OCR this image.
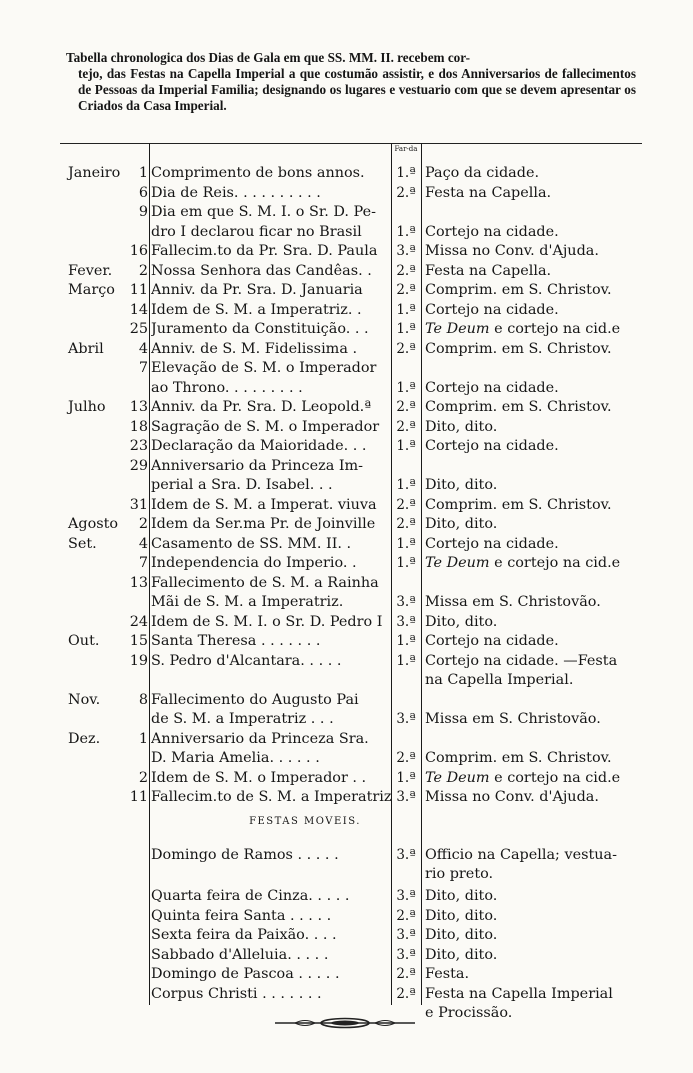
Tabella chronologica dos Dias de Gala em que SS. MM. II. recebem cor-
tejo, das Festas na Capella Imperial a que costumão assistir, e dos Anniversarios de fallecimentos de Pessoas da Imperial Familia; designando os lugares e vestuario com que se devem apresentar os Criados da Casa Imperial.
Far-da
Janeiro	1 Comprimento de bons annos.	1.ª Paço da cidade.
6 Dia de Reis. . . . . . . . . .	2.ª Festa na Capella.
9 Dia em que S. M. I. o Sr. D. Pe-
dro I declarou ficar no Brasil	1.ª Cortejo na cidade.
16 Fallecim.to da Pr. Sra. D. Paula	3.ª Missa no Conv. d'Ajuda.
Fever.	2 Nossa Senhora das Candêas. .	2.ª Festa na Capella.
Março	11 Anniv. da Pr. Sra. D. Januaria	2.ª Comprim. em S. Christov.
14 Idem de S. M. a Imperatriz. .	1.ª Cortejo na cidade.
25 Juramento da Constituição. . .	1.ª Te Deum e cortejo na cid.e
Abril	4 Anniv. de S. M. Fidelissima .	2.ª Comprim. em S. Christov.
7 Elevação de S. M. o Imperador
ao Throno. . . . . . . . .	1.ª Cortejo na cidade.
Julho	13 Anniv. da Pr. Sra. D. Leopold.ª	2.ª Comprim. em S. Christov.
18 Sagração de S. M. o Imperador	2.ª Dito, dito.
23 Declaração da Maioridade. . .	1.ª Cortejo na cidade.
29 Anniversario da Princeza Im-
perial a Sra. D. Isabel. . .	1.ª Dito, dito.
31 Idem de S. M. a Imperat. viuva	2.ª Comprim. em S. Christov.
Agosto	2 Idem da Ser.ma Pr. de Joinville	2.ª Dito, dito.
Set.	4 Casamento de SS. MM. II. .	1.ª Cortejo na cidade.
7 Independencia do Imperio. .	1.ª Te Deum e cortejo na cid.e
13 Fallecimento de S. M. a Rainha
Mãi de S. M. a Imperatriz.	3.ª Missa em S. Christovão.
24 Idem de S. M. I. o Sr. D. Pedro I	3.ª Dito, dito.
Out.	15 Santa Theresa . . . . . . .	1.ª Cortejo na cidade.
19 S. Pedro d'Alcantara. . . . .	1.ª Cortejo na cidade. —Festa
na Capella Imperial.
Nov.	8 Fallecimento do Augusto Pai
de S. M. a Imperatriz . . .	3.ª Missa em S. Christovão.
Dez.	1 Anniversario da Princeza Sra.
D. Maria Amelia. . . . . .	2.ª Comprim. em S. Christov.
2 Idem de S. M. o Imperador . .	1.ª Te Deum e cortejo na cid.e
11 Fallecim.to de S. M. a Imperatriz 3.ª Missa no Conv. d'Ajuda.
FESTAS MOVEIS.
Domingo de Ramos . . . . .	3.ª Officio na Capella; vestua-
rio preto.
Quarta feira de Cinza. . . . .	3.ª Dito, dito.
Quinta feira Santa . . . . .	2.ª Dito, dito.
Sexta feira da Paixão. . . .	3.ª Dito, dito.
Sabbado d'Alleluia. . . . .	3.ª Dito, dito.
Domingo de Pascoa . . . . .	2.ª Festa.
Corpus Christi . . . . . . .	2.ª Festa na Capella Imperial
e Procissão.
